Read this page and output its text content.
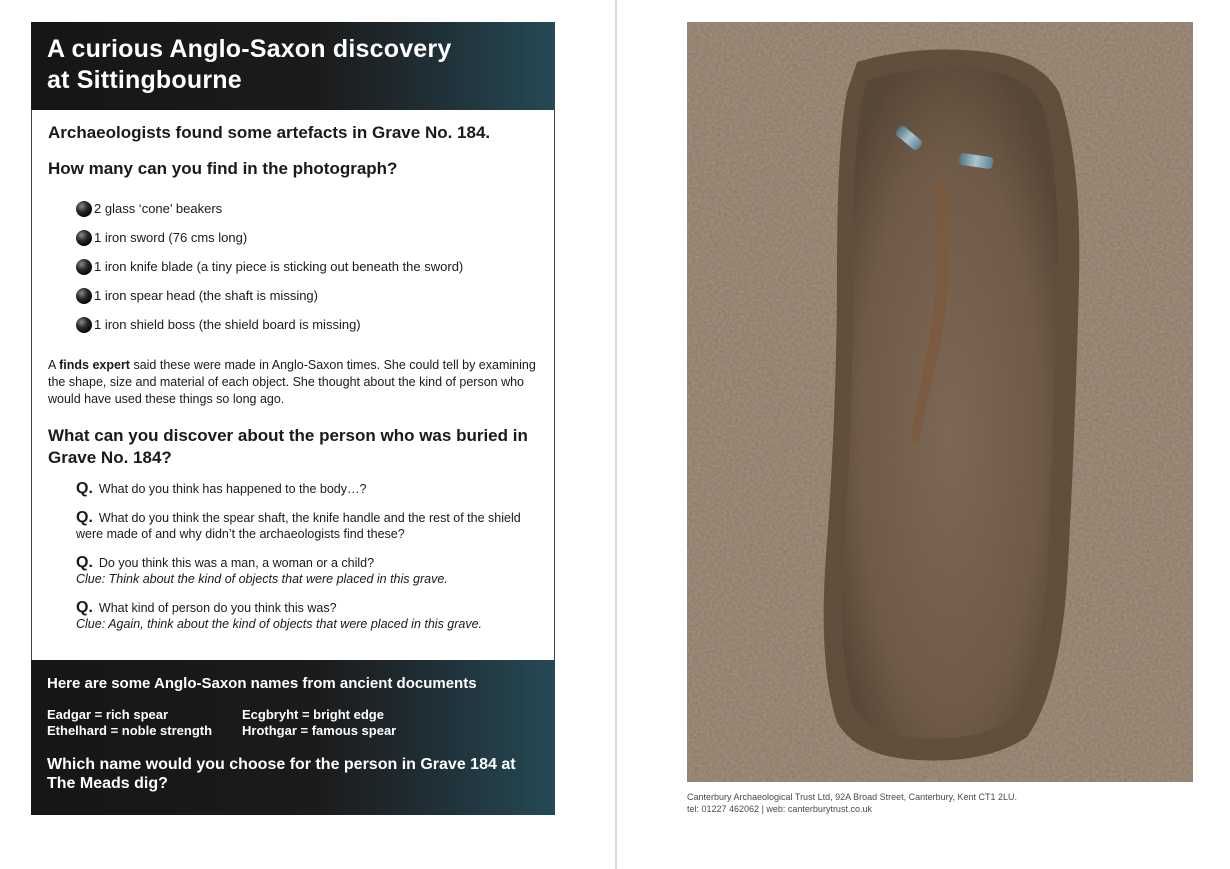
A curious Anglo-Saxon discovery
at Sittingbourne
Archaeologists found some artefacts in Grave No. 184.
How many can you find in the photograph?
2 glass ‘cone’ beakers
1 iron sword (76 cms long)
1 iron knife blade (a tiny piece is sticking out beneath the sword)
1 iron spear head (the shaft is missing)
1 iron shield boss (the shield board is missing)

A finds expert said these were made in Anglo-Saxon times. She could tell by examining the shape, size and material of each object. She thought about the kind of person who would have used these things so long ago.

What can you discover about the person who was buried in Grave No. 184?
Q. What do you think has happened to the body…?
Q. What do you think the spear shaft, the knife handle and the rest of the shield were made of and why didn’t the archaeologists find these?
Q. Do you think this was a man, a woman or a child?
Clue: Think about the kind of objects that were placed in this grave.
Q. What kind of person do you think this was?
Clue: Again, think about the kind of objects that were placed in this grave.
Here are some Anglo-Saxon names from ancient documents
Eadgar = rich spear	Ecgbryht = bright edge
Ethelhard = noble strength	Hrothgar = famous spear
Which name would you choose for the person in Grave 184 at The Meads dig?
Canterbury Archaeological Trust Ltd, 92A Broad Street, Canterbury, Kent CT1 2LU.
tel: 01227 462062 | web: canterburytrust.co.uk
